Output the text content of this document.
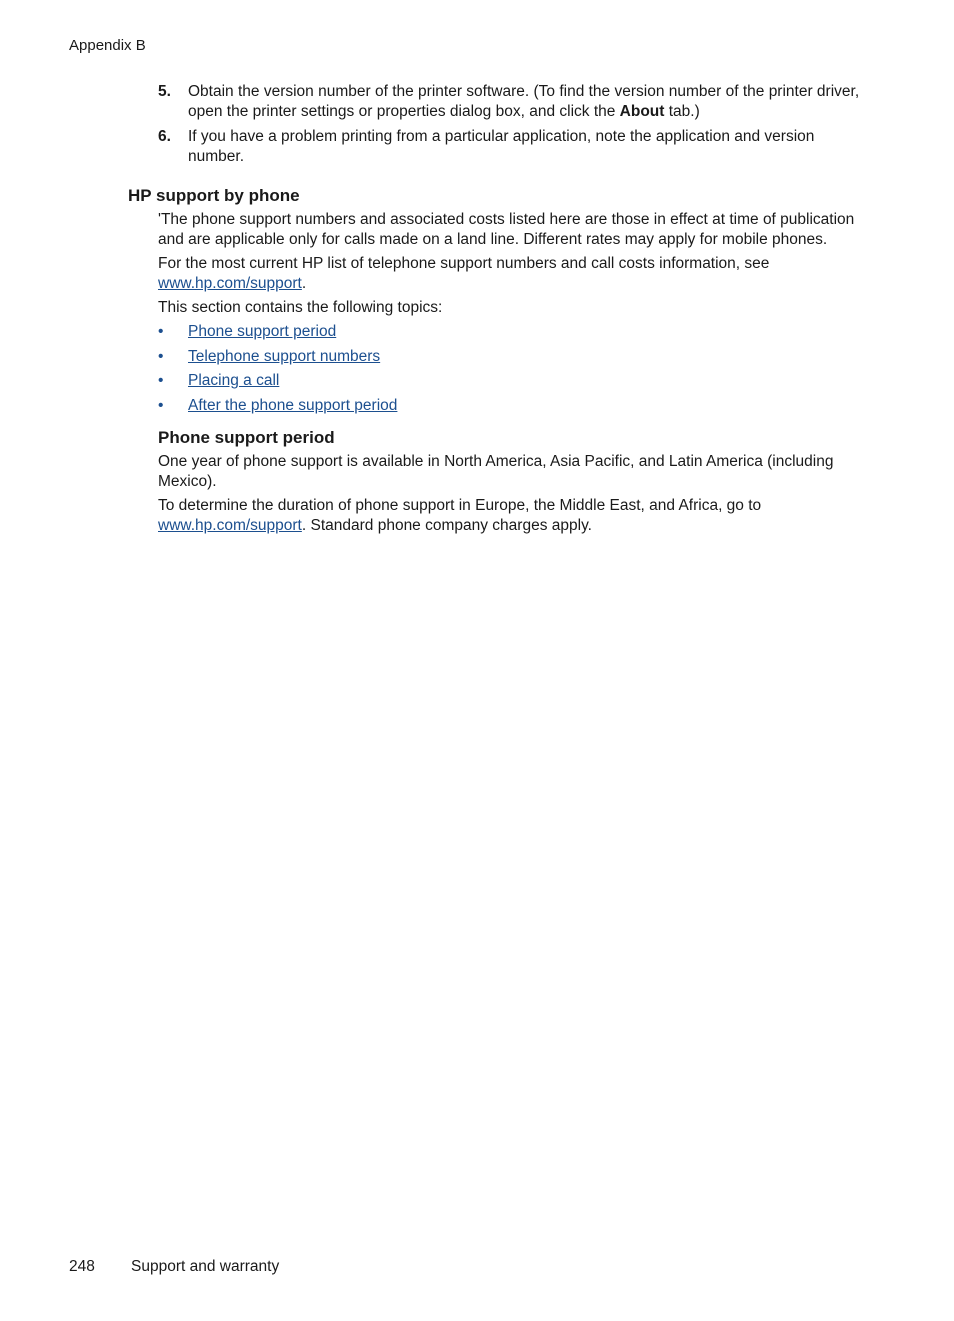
Appendix B
5. Obtain the version number of the printer software. (To find the version number of the printer driver, open the printer settings or properties dialog box, and click the About tab.)
6. If you have a problem printing from a particular application, note the application and version number.
HP support by phone

'The phone support numbers and associated costs listed here are those in effect at time of publication and are applicable only for calls made on a land line. Different rates may apply for mobile phones.

For the most current HP list of telephone support numbers and call costs information, see www.hp.com/support.

This section contains the following topics:

• Phone support period
• Telephone support numbers
• Placing a call
• After the phone support period
Phone support period

One year of phone support is available in North America, Asia Pacific, and Latin America (including Mexico).

To determine the duration of phone support in Europe, the Middle East, and Africa, go to www.hp.com/support. Standard phone company charges apply.

248 Support and warranty
